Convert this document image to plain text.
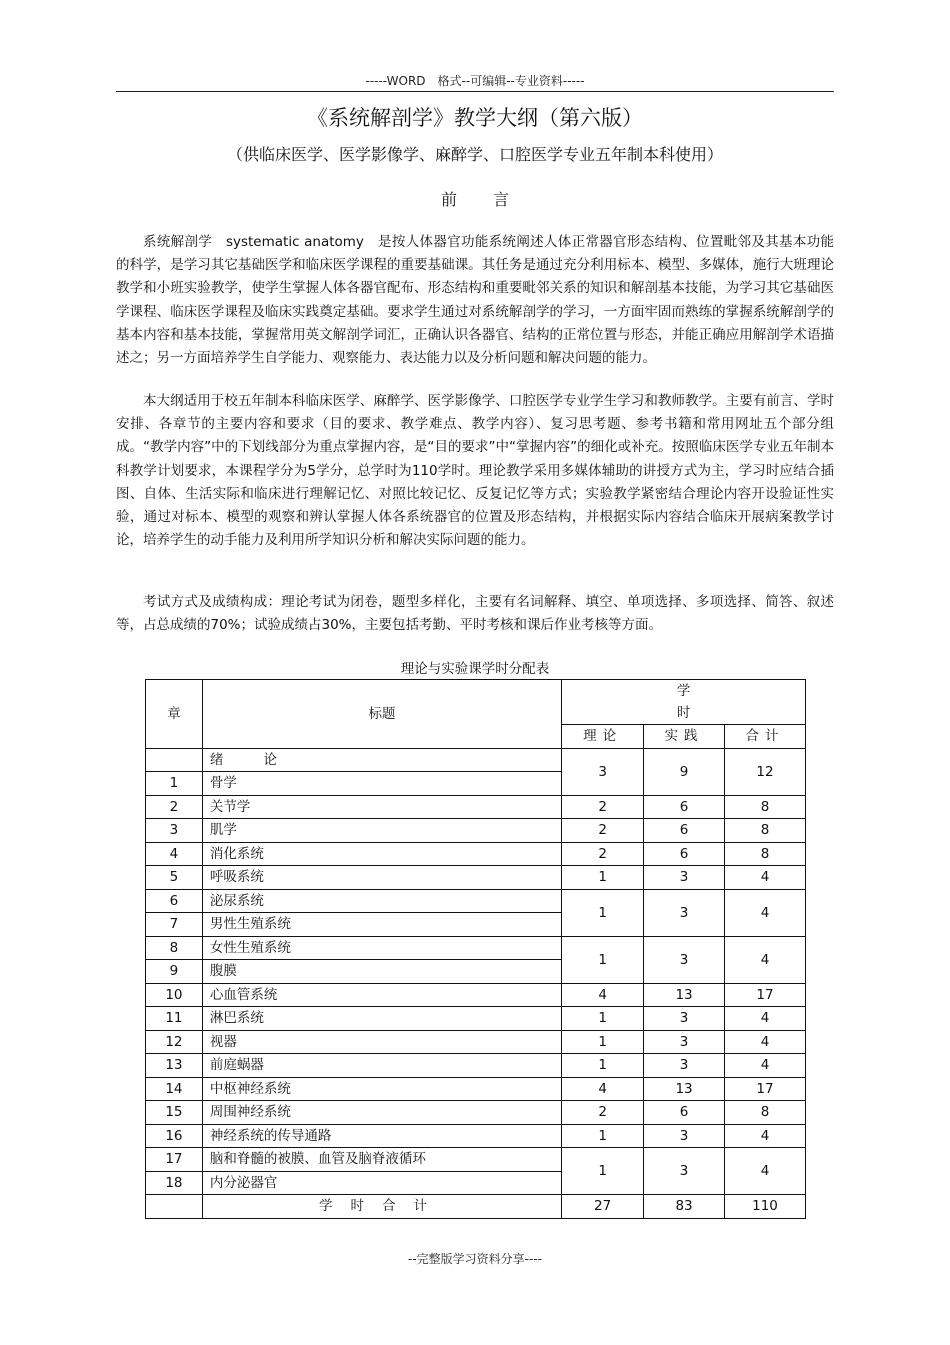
-----WORD　格式--可编辑--专业资料-----
《系统解剖学》教学大纲（第六版）
（供临床医学、医学影像学、麻醉学、口腔医学专业五年制本科使用）
前言

系统解剖学　systematic anatomy　是按人体器官功能系统阐述人体正常器官形态结构、位置毗邻及其基本功能的科学，是学习其它基础医学和临床医学课程的重要基础课。其任务是通过充分利用标本、模型、多媒体，施行大班理论教学和小班实验教学，使学生掌握人体各器官配布、形态结构和重要毗邻关系的知识和解剖基本技能，为学习其它基础医学课程、临床医学课程及临床实践奠定基础。要求学生通过对系统解剖学的学习，一方面牢固而熟练的掌握系统解剖学的基本内容和基本技能，掌握常用英文解剖学词汇，正确认识各器官、结构的正常位置与形态，并能正确应用解剖学术语描述之；另一方面培养学生自学能力、观察能力、表达能力以及分析问题和解决问题的能力。

本大纲适用于校五年制本科临床医学、麻醉学、医学影像学、口腔医学专业学生学习和教师教学。主要有前言、学时安排、各章节的主要内容和要求（目的要求、教学难点、教学内容）、复习思考题、参考书籍和常用网址五个部分组成。“教学内容”中的下划线部分为重点掌握内容，是“目的要求”中“掌握内容”的细化或补充。按照临床医学专业五年制本科教学计划要求，本课程学分为5学分，总学时为110学时。理论教学采用多媒体辅助的讲授方式为主，学习时应结合插图、自体、生活实际和临床进行理解记忆、对照比较记忆、反复记忆等方式；实验教学紧密结合理论内容开设验证性实验，通过对标本、模型的观察和辨认掌握人体各系统器官的位置及形态结构，并根据实际内容结合临床开展病案教学讨论，培养学生的动手能力及利用所学知识分析和解决实际问题的能力。

考试方式及成绩构成：理论考试为闭卷，题型多样化，主要有名词解释、填空、单项选择、多项选择、简答、叙述等，占总成绩的70%；试验成绩占30%，主要包括考勤、平时考核和课后作业考核等方面。

理论与实验课学时分配表
章	标题	学时		
		理论	实践	合计
	绪论	3	9	12
1	骨学			
2	关节学	2	6	8
3	肌学	2	6	8
4	消化系统	2	6	8
5	呼吸系统	1	3	4
6	泌尿系统	1	3	4
7	男性生殖系统			
8	女性生殖系统	1	3	4
9	腹膜			
10	心血管系统	4	13	17
11	淋巴系统	1	3	4
12	视器	1	3	4
13	前庭蜗器	1	3	4
14	中枢神经系统	4	13	17
15	周围神经系统	2	6	8
16	神经系统的传导通路	1	3	4
17	脑和脊髓的被膜、血管及脑脊液循环	1	3	4
18	内分泌器官			
	学时合计	27	83	110
--完整版学习资料分享----
